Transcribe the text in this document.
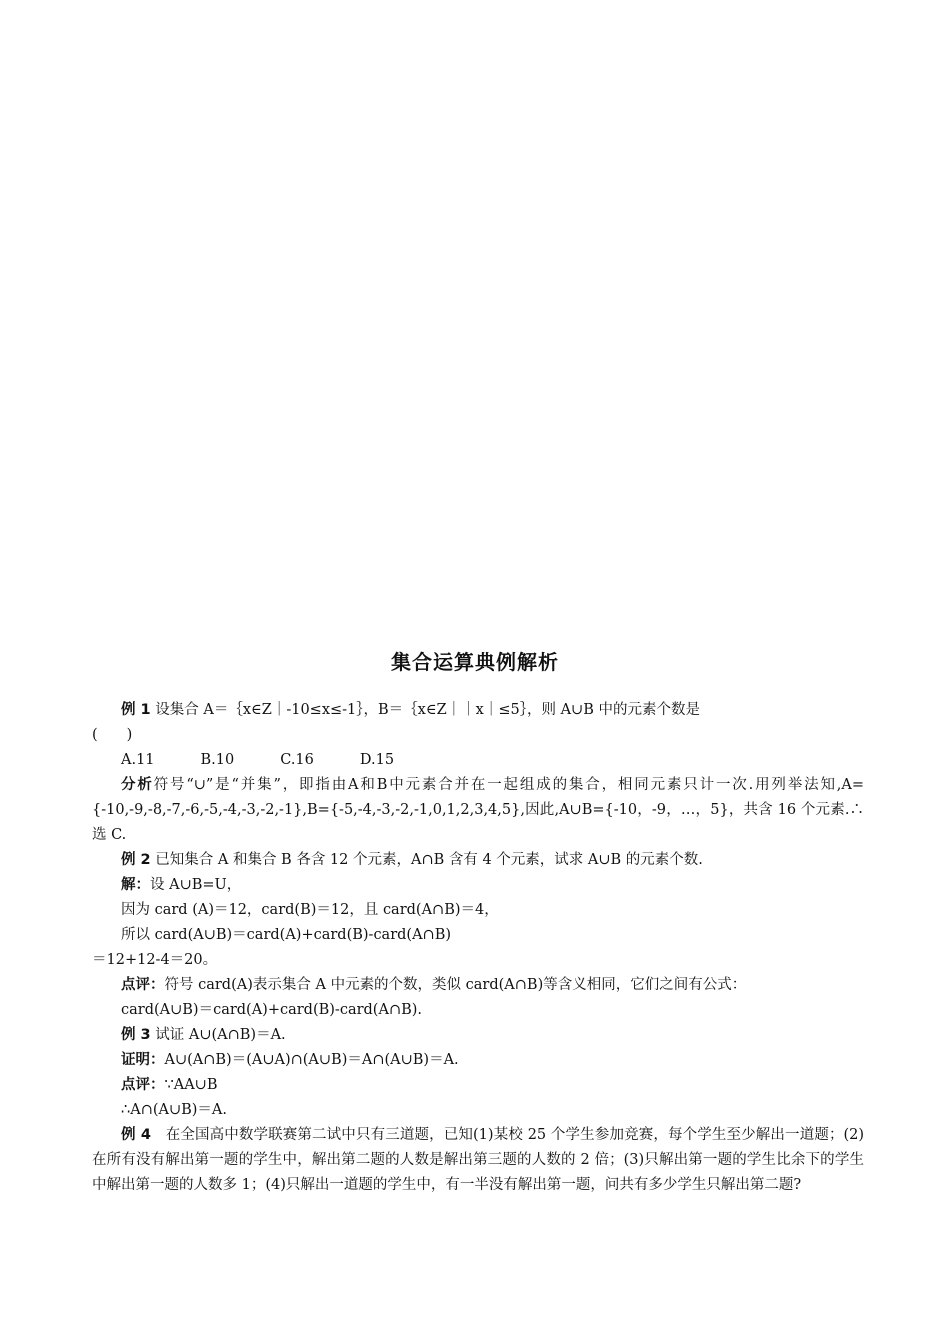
集合运算典例解析

例 1 设集合 A＝｛x∈Z｜-10≤x≤-1｝，B＝｛x∈Z｜｜x｜≤5｝，则 A∪B 中的元素个数是

(　　)

A.11	B.10	C.16	D.15

分析符号“∪”是“并集”，即指由A和B中元素合并在一起组成的集合，相同元素只计一次.用列举法知,A={-10,-9,-8,-7,-6,-5,-4,-3,-2,-1},B={-5,-4,-3,-2,-1,0,1,2,3,4,5},因此,A∪B={-10，-9，…，5}，共含 16 个元素.∴选 C.

例 2 已知集合 A 和集合 B 各含 12 个元素，A∩B 含有 4 个元素，试求 A∪B 的元素个数.

解：设 A∪B=U，

因为 card (A)＝12，card(B)＝12，且 card(A∩B)＝4，

所以 card(A∪B)＝card(A)+card(B)-card(A∩B)

＝12+12-4＝20。

点评：符号 card(A)表示集合 A 中元素的个数，类似 card(A∩B)等含义相同，它们之间有公式：

card(A∪B)＝card(A)+card(B)-card(A∩B).

例 3 试证 A∪(A∩B)＝A.

证明：A∪(A∩B)＝(A∪A)∩(A∪B)＝A∩(A∪B)＝A.

点评：∵AA∪B

∴A∩(A∪B)＝A.

例 4　在全国高中数学联赛第二试中只有三道题，已知(1)某校 25 个学生参加竞赛，每个学生至少解出一道题；(2)在所有没有解出第一题的学生中，解出第二题的人数是解出第三题的人数的 2 倍；(3)只解出第一题的学生比余下的学生中解出第一题的人数多 1；(4)只解出一道题的学生中，有一半没有解出第一题，问共有多少学生只解出第二题?
